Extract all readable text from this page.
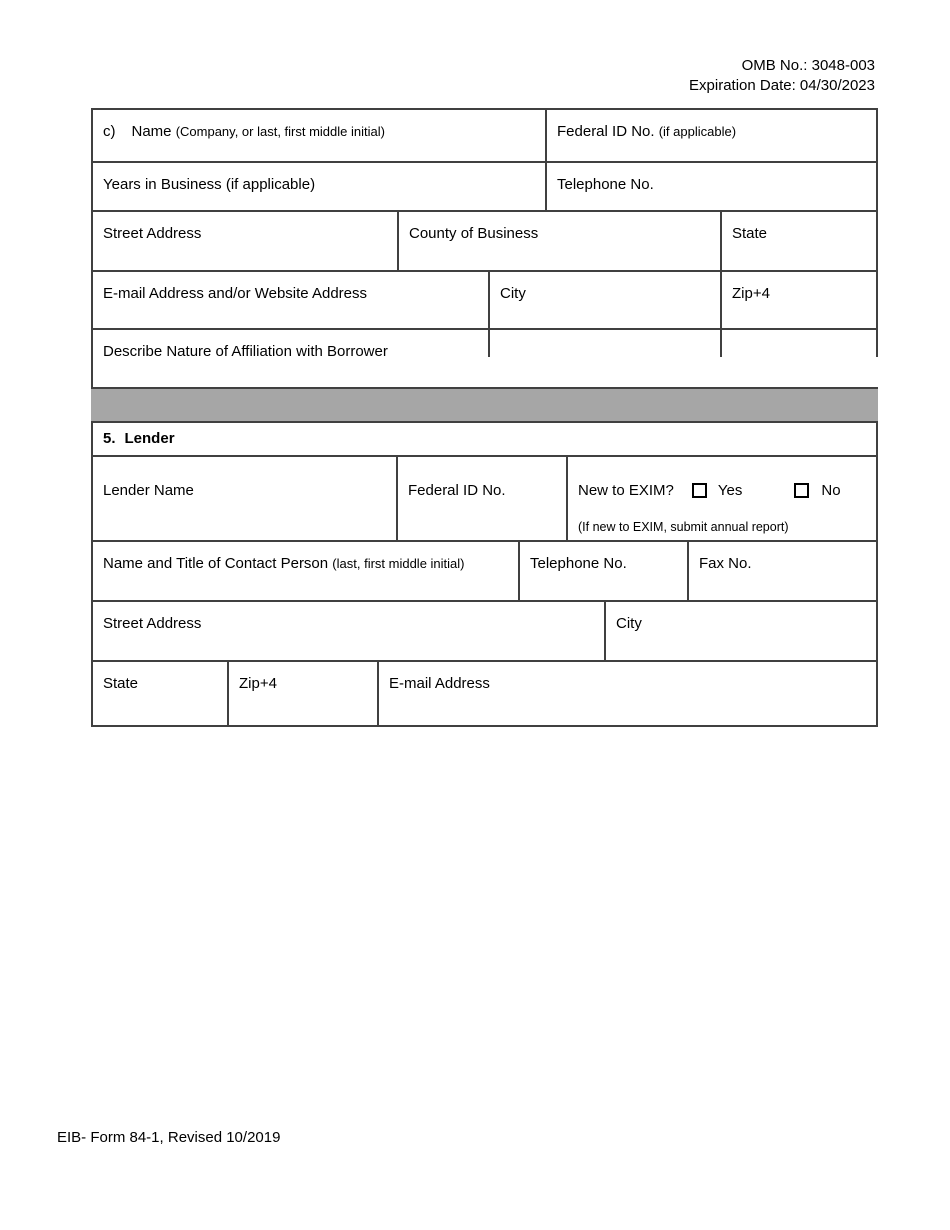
OMB No.: 3048-003
Expiration Date: 04/30/2023
c) Name (Company, or last, first middle initial)	Federal ID No. (if applicable)
Years in Business (if applicable)	Telephone No.
Street Address	County of Business	State
E-mail Address and/or Website Address	City	Zip+4
Describe Nature of Affiliation with Borrower
5. Lender
Lender Name	Federal ID No.	New to EXIM?	Yes	No
(If new to EXIM, submit annual report)
Name and Title of Contact Person (last, first middle initial)	Telephone No.	Fax No.
Street Address	City
State	Zip+4	E-mail Address
EIB- Form 84-1, Revised 10/2019
